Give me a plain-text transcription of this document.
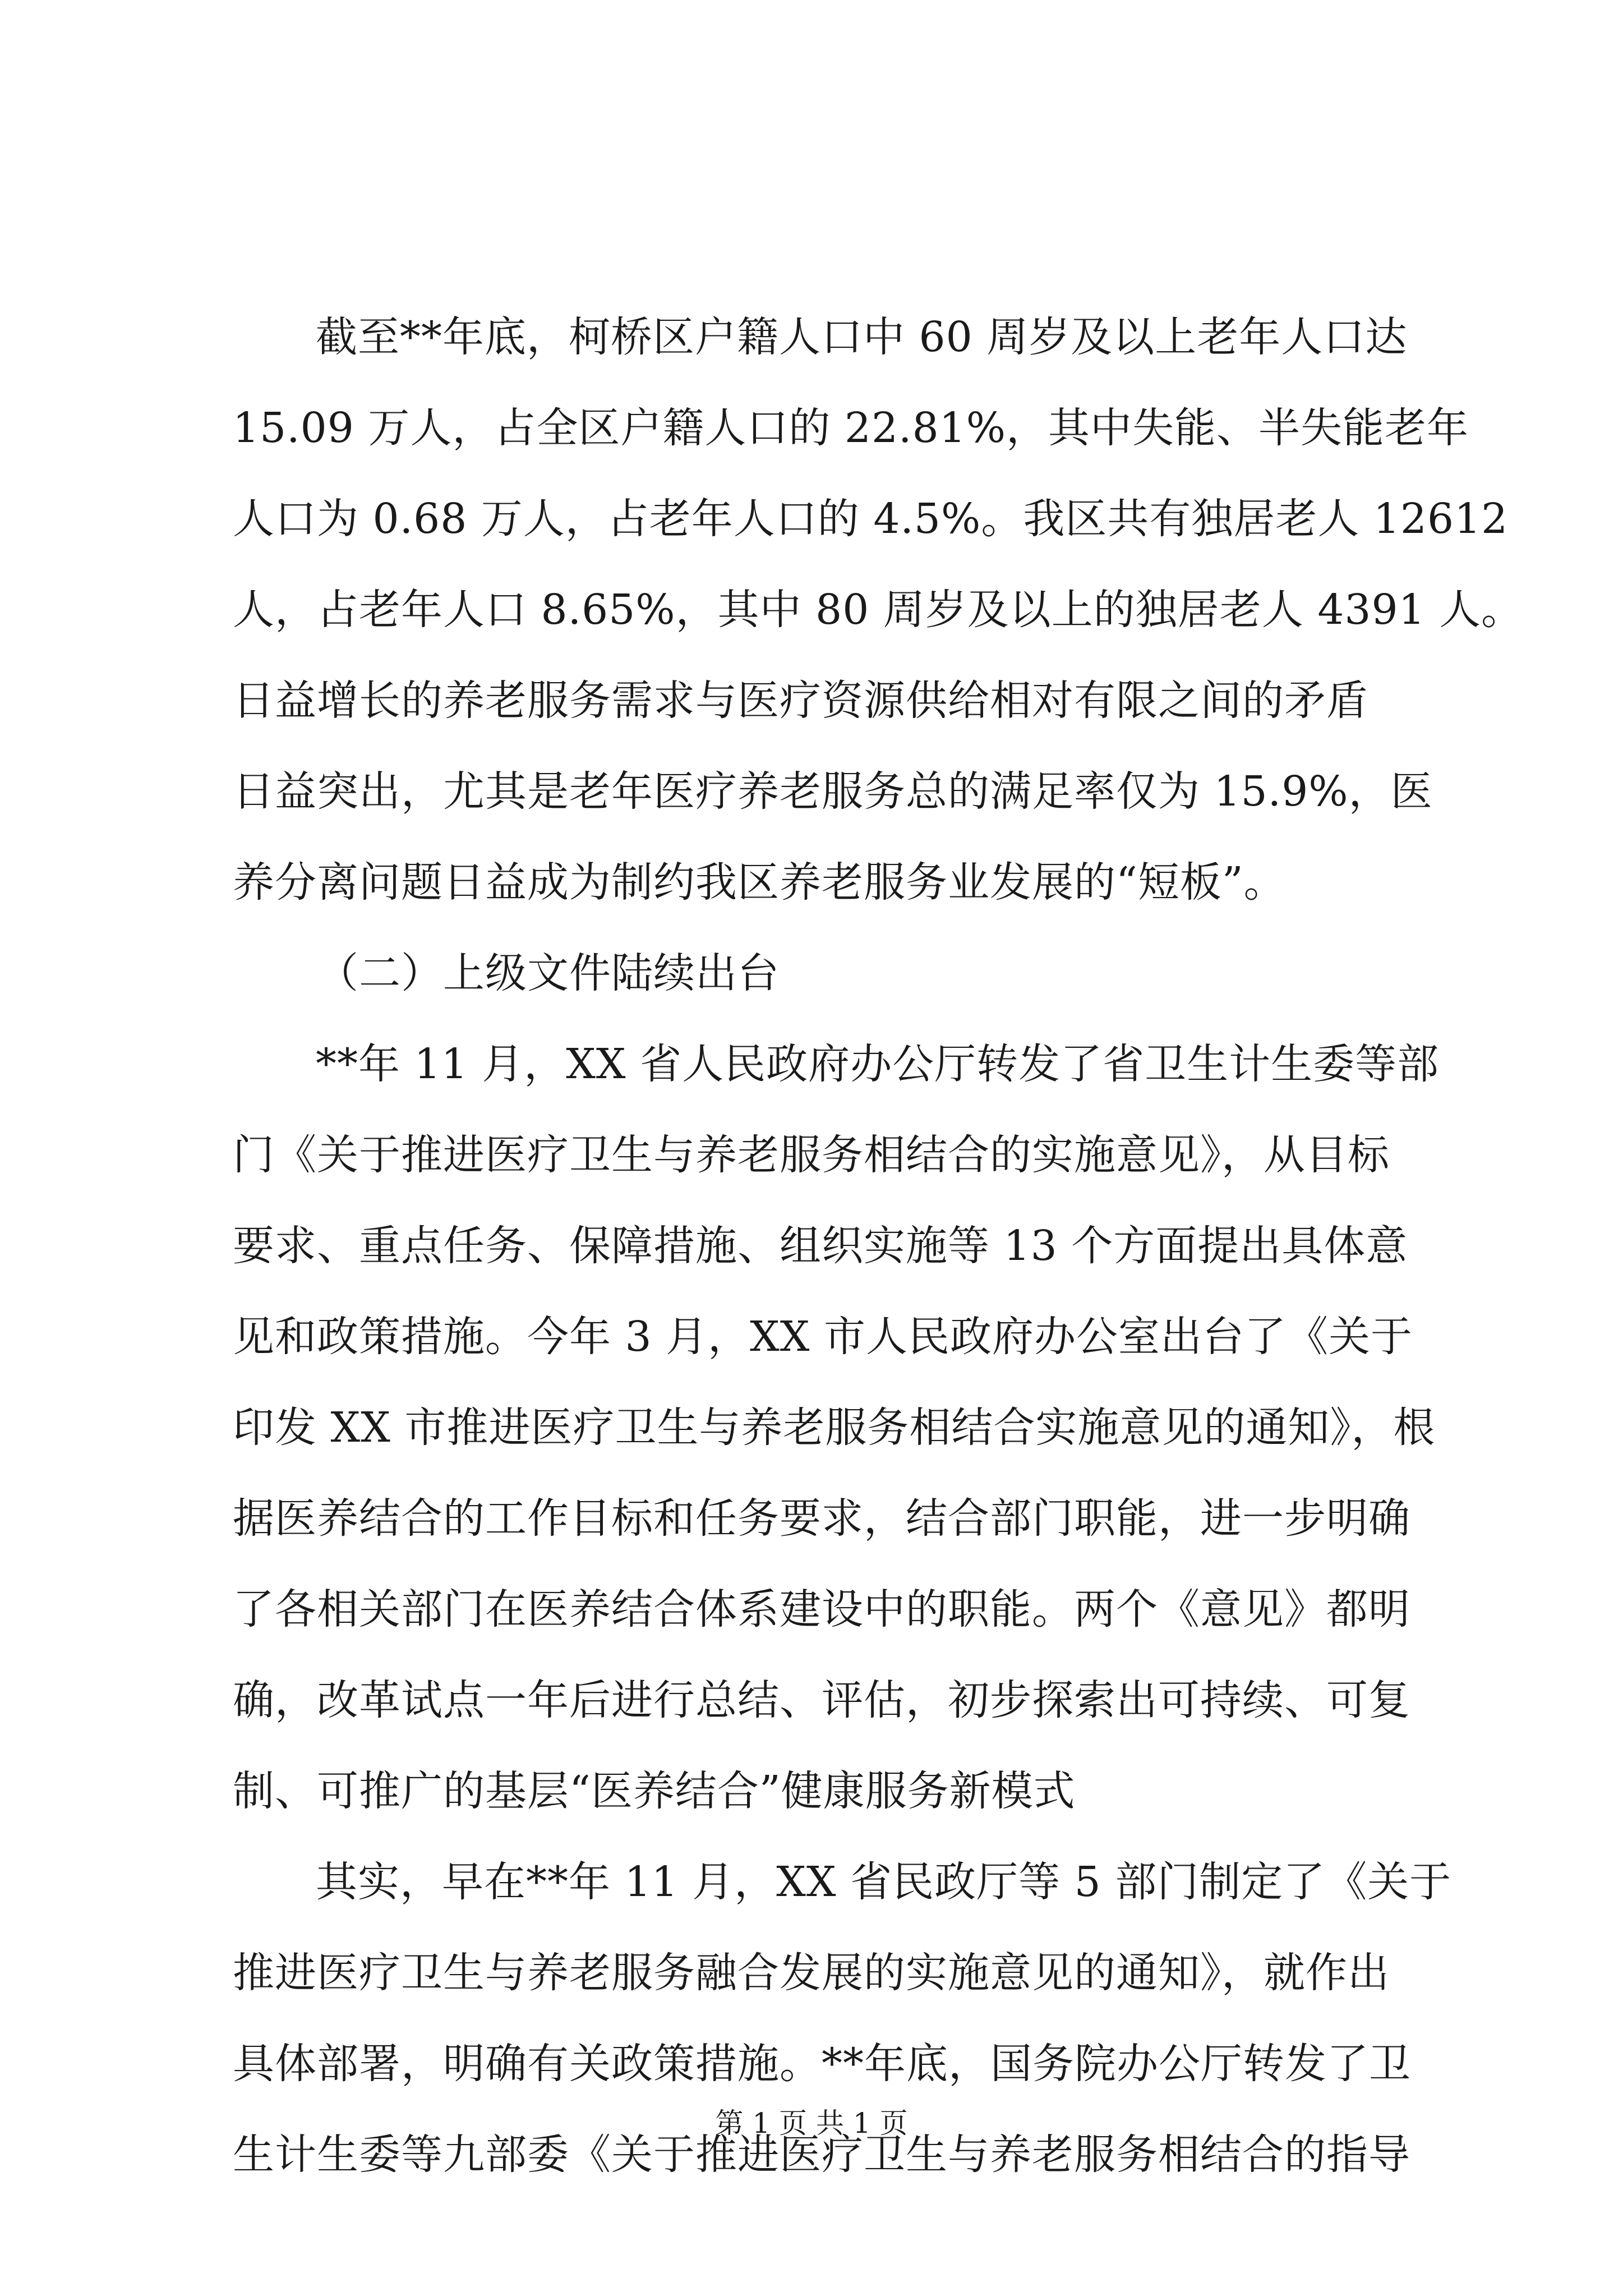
截至**年底，柯桥区户籍人口中 60 周岁及以上老年人口达
15.09 万人，占全区户籍人口的 22.81%，其中失能、半失能老年
人口为 0.68 万人，占老年人口的 4.5%。我区共有独居老人 12612
人，占老年人口 8.65%，其中 80 周岁及以上的独居老人 4391 人。
日益增长的养老服务需求与医疗资源供给相对有限之间的矛盾
日益突出，尤其是老年医疗养老服务总的满足率仅为 15.9%，医
养分离问题日益成为制约我区养老服务业发展的“短板”。
（二）上级文件陆续出台
**年 11 月，XX 省人民政府办公厅转发了省卫生计生委等部
门《关于推进医疗卫生与养老服务相结合的实施意见》，从目标
要求、重点任务、保障措施、组织实施等 13 个方面提出具体意
见和政策措施。今年 3 月，XX 市人民政府办公室出台了《关于
印发 XX 市推进医疗卫生与养老服务相结合实施意见的通知》，根
据医养结合的工作目标和任务要求，结合部门职能，进一步明确
了各相关部门在医养结合体系建设中的职能。两个《意见》都明
确，改革试点一年后进行总结、评估，初步探索出可持续、可复
制、可推广的基层“医养结合”健康服务新模式
其实，早在**年 11 月，XX 省民政厅等 5 部门制定了《关于
推进医疗卫生与养老服务融合发展的实施意见的通知》，就作出
具体部署，明确有关政策措施。**年底，国务院办公厅转发了卫
生计生委等九部委《关于推进医疗卫生与养老服务相结合的指导
第 1 页 共 1 页
